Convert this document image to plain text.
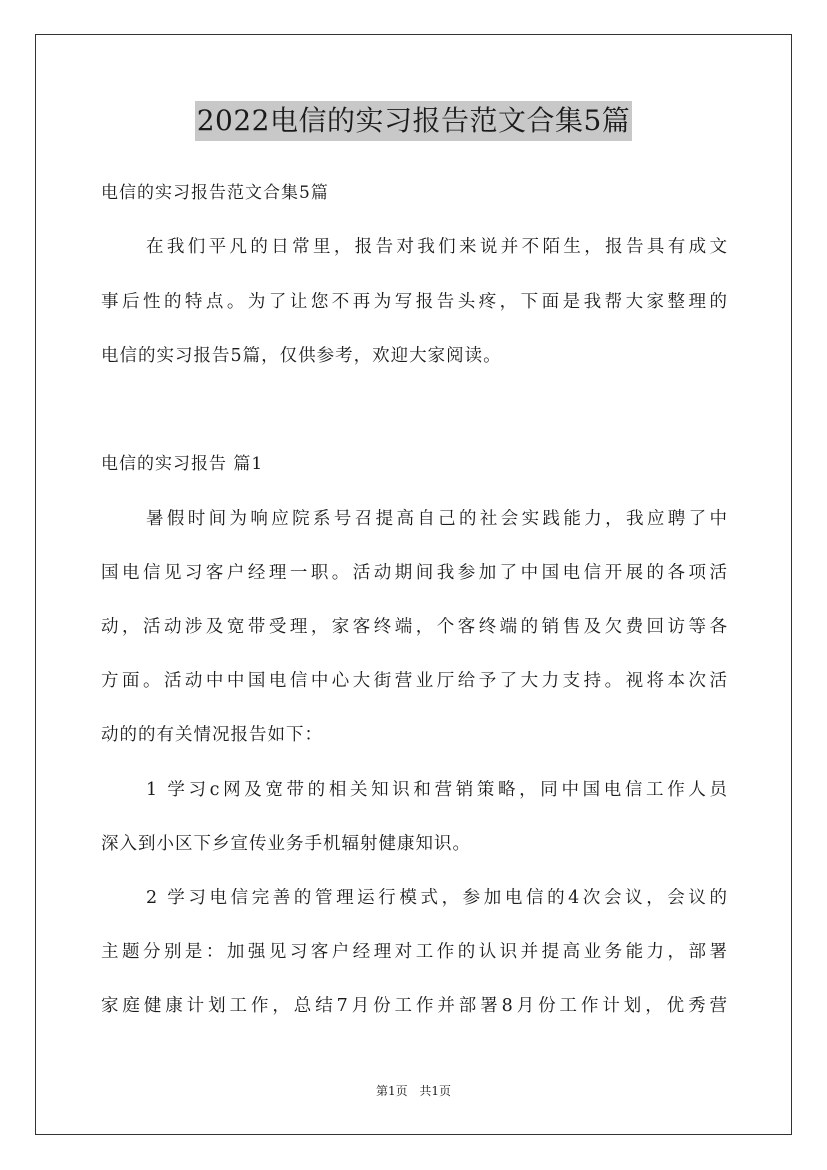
2022电信的实习报告范文合集5篇
电信的实习报告范文合集5篇
在我们平凡的日常里，报告对我们来说并不陌生，报告具有成文
事后性的特点。为了让您不再为写报告头疼，下面是我帮大家整理的
电信的实习报告5篇，仅供参考，欢迎大家阅读。
电信的实习报告 篇1
暑假时间为响应院系号召提高自己的社会实践能力，我应聘了中
国电信见习客户经理一职。活动期间我参加了中国电信开展的各项活
动，活动涉及宽带受理，家客终端，个客终端的销售及欠费回访等各
方面。活动中中国电信中心大街营业厅给予了大力支持。视将本次活
动的的有关情况报告如下：
1 学习c网及宽带的相关知识和营销策略，同中国电信工作人员
深入到小区下乡宣传业务手机辐射健康知识。
2 学习电信完善的管理运行模式，参加电信的4次会议，会议的
主题分别是：加强见习客户经理对工作的认识并提高业务能力，部署
家庭健康计划工作，总结7月份工作并部署8月份工作计划，优秀营
第1页 共1页
